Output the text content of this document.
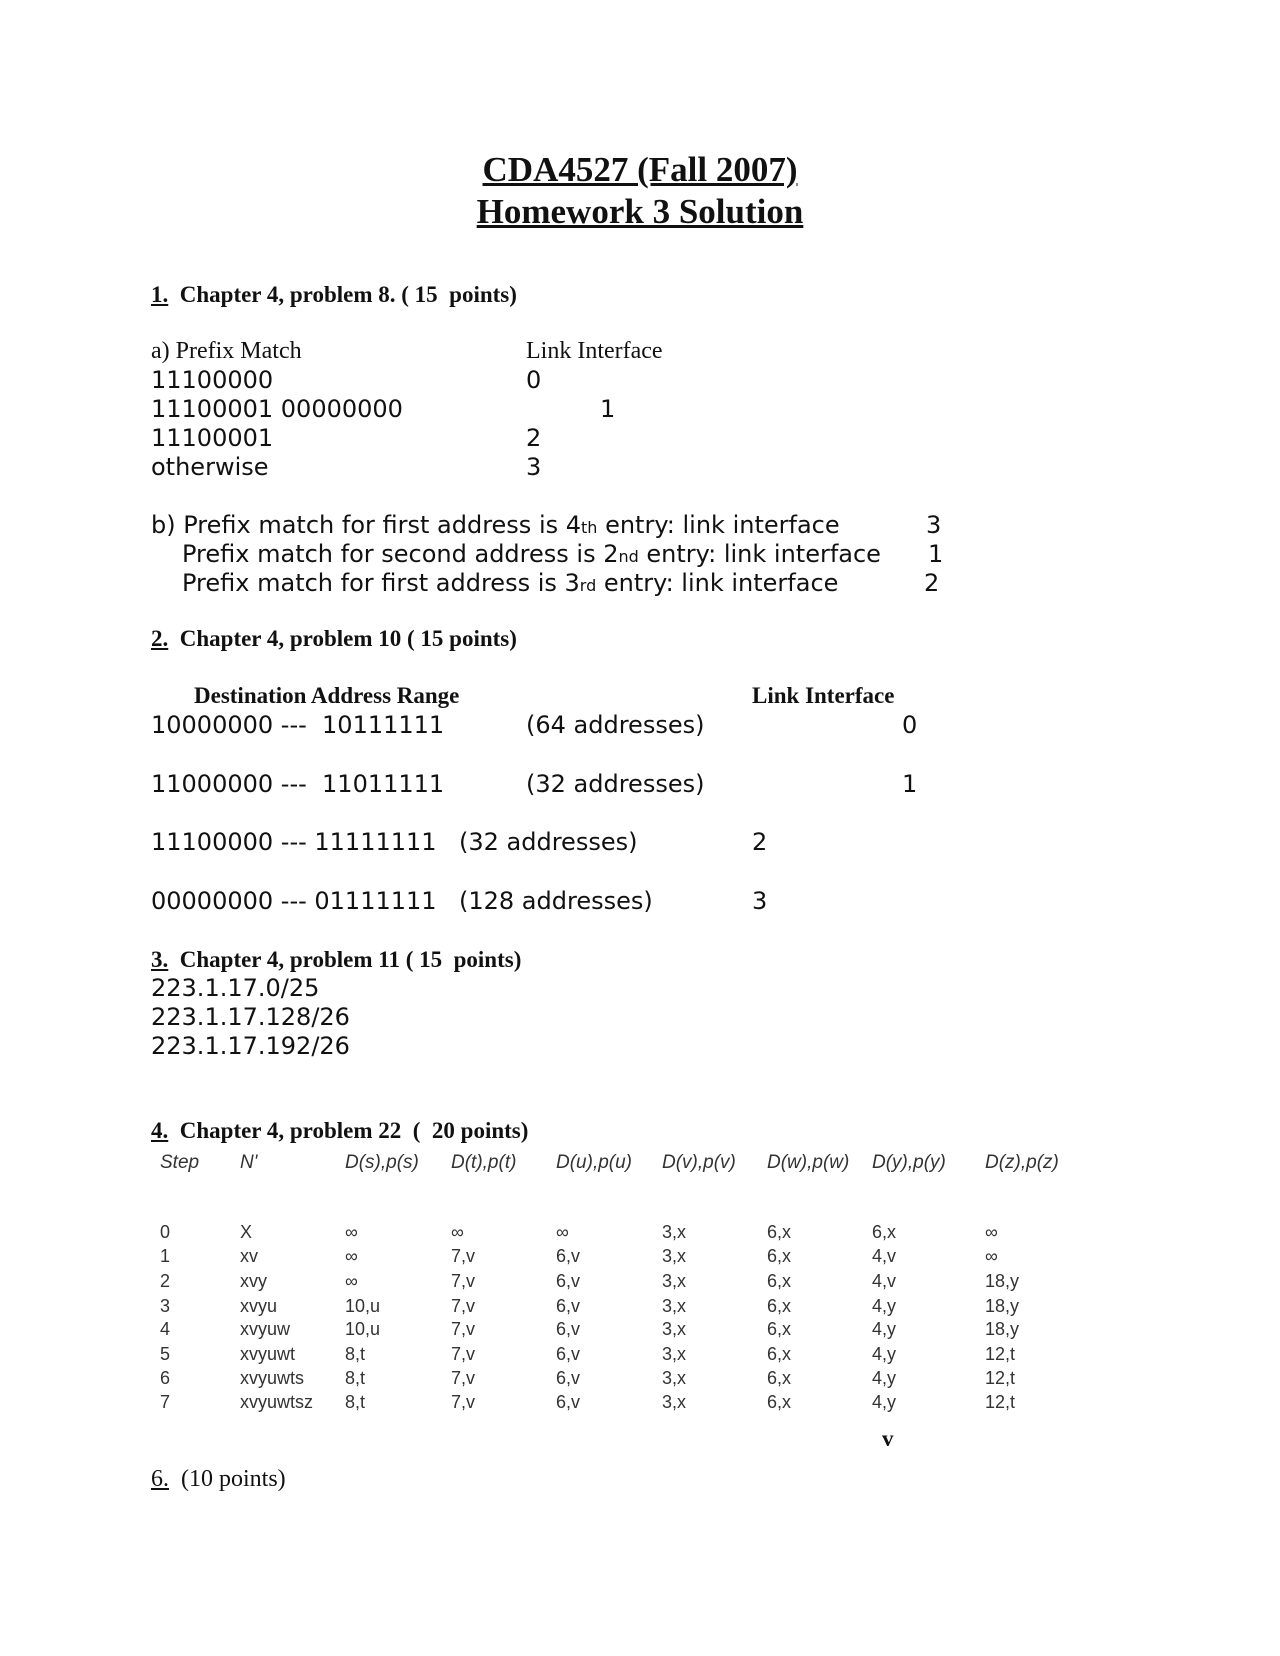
CDA4527 (Fall 2007)
Homework 3 Solution
1. Chapter 4, problem 8. ( 15  points)
a) Prefix Match	Link Interface
11100000	0
11100001 00000000	1
11100001	2
otherwise	3
b) Prefix match for first address is 4th entry: link interface	3
Prefix match for second address is 2nd entry: link interface 1
Prefix match for first address is 3rd entry: link interface	2
2. Chapter 4, problem 10 ( 15 points)
Destination Address Range	Link Interface
10000000 ---  10111111	(64 addresses)	0
11000000 ---  11011111	(32 addresses)	1
11100000 --- 11111111 (32 addresses)	2
00000000 --- 01111111 (128 addresses)	3
3. Chapter 4, problem 11 ( 15  points)
223.1.17.0/25
223.1.17.128/26
223.1.17.192/26
4. Chapter 4, problem 22  (  20 points)
Step N'	D(s),p(s) D(t),p(t) D(u),p(u) D(v),p(v) D(w),p(w) D(y),p(y) D(z),p(z)
0	X	∞	∞	∞	3,x	6,x	6,x	∞
1	xv	∞	7,v	6,v	3,x	6,x	4,v	∞
2	xvy	∞	7,v	6,v	3,x	6,x	4,v	18,y
3	xvyu	10,u	7,v	6,v	3,x	6,x	4,y	18,y
4	xvyuw	10,u	7,v	6,v	3,x	6,x	4,y	18,y
5	xvyuwt	8,t	7,v	6,v	3,x	6,x	4,y	12,t
6	xvyuwts 8,t	7,v	6,v	3,x	6,x	4,y	12,t
7	xvyuwtsz 8,t	7,v	6,v	3,x	6,x	4,y	12,t
v
6. (10 points)
